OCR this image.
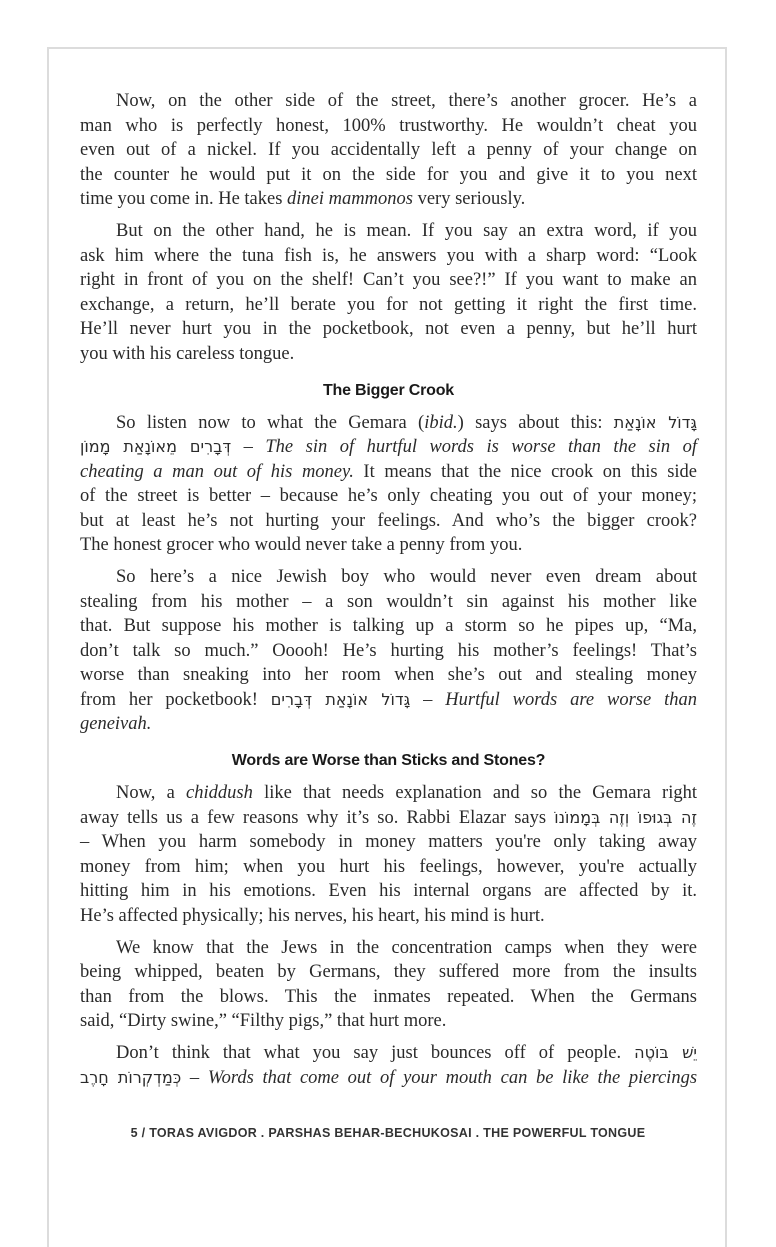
Now, on the other side of the street, there’s another grocer. He’s a
man who is perfectly honest, 100% trustworthy. He wouldn’t cheat you
even out of a nickel. If you accidentally left a penny of your change on
the counter he would put it on the side for you and give it to you next
time you come in. He takes dinei mammonos very seriously.
But on the other hand, he is mean. If you say an extra word, if you
ask him where the tuna fish is, he answers you with a sharp word: “Look
right in front of you on the shelf! Can’t you see?!” If you want to make an
exchange, a return, he’ll berate you for not getting it right the first time.
He’ll never hurt you in the pocketbook, not even a penny, but he’ll hurt
you with his careless tongue.
The Bigger Crook
So listen now to what the Gemara (ibid.) says about this: גָּדוֹל אוֹנָאַת
דְּבָרִים מֵאוֹנָאַת מָמוֹן – The sin of hurtful words is worse than the sin of
cheating a man out of his money. It means that the nice crook on this side
of the street is better – because he’s only cheating you out of your money;
but at least he’s not hurting your feelings. And who’s the bigger crook?
The honest grocer who would never take a penny from you.
So here’s a nice Jewish boy who would never even dream about
stealing from his mother – a son wouldn’t sin against his mother like
that. But suppose his mother is talking up a storm so he pipes up, “Ma,
don’t talk so much.” Ooooh! He’s hurting his mother’s feelings! That’s
worse than sneaking into her room when she’s out and stealing money
from her pocketbook! גָּדוֹל אוֹנָאַת דְּבָרִים – Hurtful words are worse than
geneivah.
Words are Worse than Sticks and Stones?
Now, a chiddush like that needs explanation and so the Gemara right
away tells us a few reasons why it’s so. Rabbi Elazar says זֶה בְּגוּפוֹ וְזֶה בְּמָמוֹנוֹ
– When you harm somebody in money matters you're only taking away
money from him; when you hurt his feelings, however, you're actually
hitting him in his emotions. Even his internal organs are affected by it.
He’s affected physically; his nerves, his heart, his mind is hurt.
We know that the Jews in the concentration camps when they were
being whipped, beaten by Germans, they suffered more from the insults
than from the blows. This the inmates repeated. When the Germans
said, “Dirty swine,” “Filthy pigs,” that hurt more.
Don’t think that what you say just bounces off of people. יֵשׁ בּוֹטֶה
כְּמַדְקְרוֹת חָרֶב – Words that come out of your mouth can be like the piercings
5 / TORAS AVIGDOR . PARSHAS BEHAR-BECHUKOSAI . THE POWERFUL TONGUE
